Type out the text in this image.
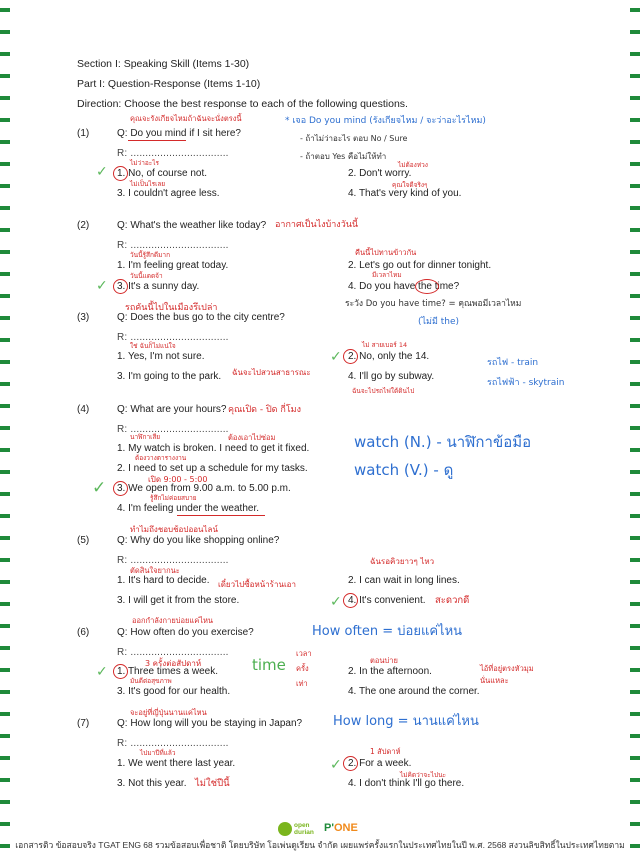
Section I: Speaking Skill (Items 1-30)
Part I: Question-Response (Items 1-10)
Direction: Choose the best response to each of the following questions.
คุณจะรังเกียจไหมถ้าฉันจะนั่งตรงนี้
(1)	Q: Do you mind if I sit here?
R: .................................
* เจอ Do you mind (รังเกียจไหม / จะว่าอะไรไหม)
- ถ้าไม่ว่าอะไร ตอบ No / Sure
- ถ้าตอบ Yes คือไม่ให้ทำ
ไม่ว่าอะไร
ไม่เป็นไรเลย
✓ 1. No, of course not.	2. Don't worry.
ไม่ต้องห่วง
3. I couldn't agree less.	4. That's very kind of you.
คุณใจดีจริงๆ
(2)	Q: What's the weather like today? อากาศเป็นไงบ้างวันนี้
R: .................................
วันนี้รู้สึกดีมาก
1. I'm feeling great today.
คืนนี้ไปทานข้าวกัน
2. Let's go out for dinner tonight.
วันนี้แดดจ้า
✓ 3. It's a sunny day.
มีเวลาไหม
4. Do you have the time?
ระวัง Do you have time? = คุณพอมีเวลาไหม
(ไม่มี the)
รถคันนี้ไปในเมืองรึเปล่า
(3)	Q: Does the bus go to the city centre?
R: .................................
ใช่ ฉันก็ไม่แน่ใจ
1. Yes, I'm not sure.
ไม่ สายเบอร์ 14
✓ 2. No, only the 14.
ฉันจะไปสวนสาธารณะ
3. I'm going to the park.	4. I'll go by subway.
ฉันจะไปรถไฟใต้ดินไป
รถไฟ - train
รถไฟฟ้า - skytrain
(4)	Q: What are your hours? คุณเปิด - ปิด กี่โมง
R: .................................
นาฬิกาเสีย	ต้องเอาไปซ่อม
1. My watch is broken. I need to get it fixed.
ต้องวางตารางงาน
2. I need to set up a schedule for my tasks.
เปิด 9:00 - 5:00
✓ 3. We open from 9.00 a.m. to 5.00 p.m.
รู้สึกไม่ค่อยสบาย
4. I'm feeling under the weather.
watch (N.) - นาฬิกาข้อมือ
watch (V.) - ดู
ทำไมถึงชอบช้อปออนไลน์
(5)	Q: Why do you like shopping online?
R: .................................
ตัดสินใจยากนะ
1. It's hard to decide.
ฉันรอคิวยาวๆ ไหว
2. I can wait in long lines.
เดี๋ยวไปซื้อหน้าร้านเอา
3. I will get it from the store.	✓ 4. It's convenient. สะดวกดี
ออกกำลังกายบ่อยแค่ไหน
(6)	Q: How often do you exercise?	How often = บ่อยแค่ไหน
R: .................................
3 ครั้งต่อสัปดาห์
✓ 1. Three times a week. time
เวลา
ครั้ง
เท่า
ตอนบ่าย
2. In the afternoon.	ไอ้ที่อยู่ตรงหัวมุมนั่นแหละ
มันดีต่อสุขภาพ
3. It's good for our health.	4. The one around the corner.
จะอยู่ที่ญี่ปุ่นนานแค่ไหน
(7)	Q: How long will you be staying in Japan? How long = นานแค่ไหน
R: .................................
ไปมาปีที่แล้ว	1 สัปดาห์
1. We went there last year.	✓ 2. For a week.
ไม่คิดว่าจะไปนะ
3. Not this year. ไม่ใช่ปีนี้	4. I don't think I'll go there.
open
durian P'ONE
เอกสารติว ข้อสอบจริง TGAT ENG 68 รวมข้อสอบเพื่อชาติ โดยบริษัท โอเพ่นดูเรียน จำกัด เผยแพร่ครั้งแรกในประเทศไทยในปี พ.ศ. 2568 สงวนลิขสิทธิ์ในประเทศไทยตาม
